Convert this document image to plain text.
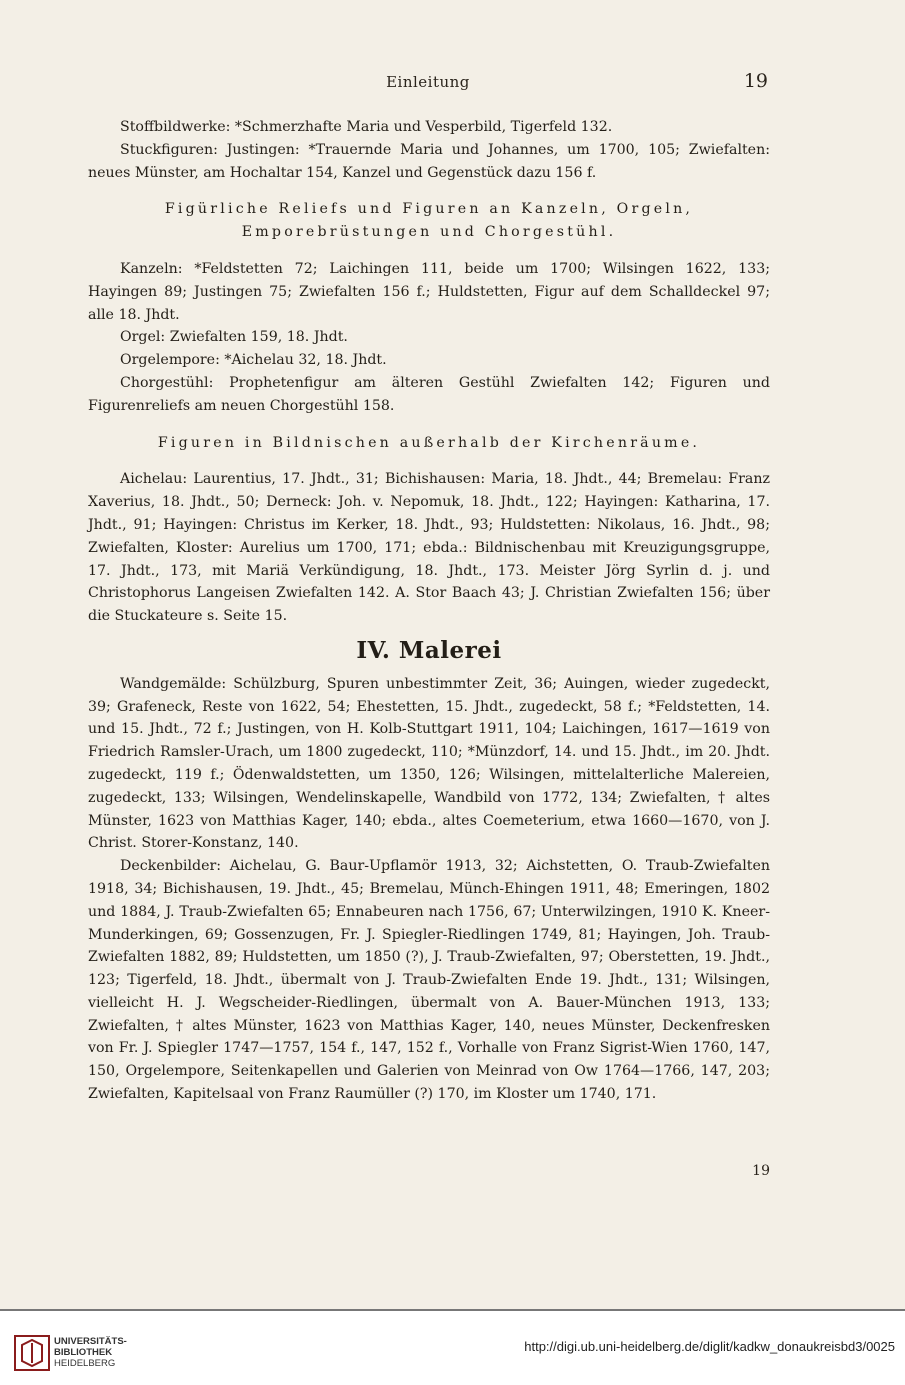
Einleitung	19

Stoffbildwerke: *Schmerzhafte Maria und Vesperbild, Tigerfeld 132.

Stuckfiguren: Justingen: *Trauernde Maria und Johannes, um 1700, 105; Zwiefalten: neues Münster, am Hochaltar 154, Kanzel und Gegenstück dazu 156 f.

Figürliche Reliefs und Figuren an Kanzeln, Orgeln,

Emporebrüstungen und Chorgestühl.

Kanzeln: *Feldstetten 72; Laichingen 111, beide um 1700; Wilsingen 1622, 133; Hayingen 89; Justingen 75; Zwiefalten 156 f.; Huldstetten, Figur auf dem Schalldeckel 97; alle 18. Jhdt.

Orgel: Zwiefalten 159, 18. Jhdt.

Orgelempore: *Aichelau 32, 18. Jhdt.

Chorgestühl: Prophetenfigur am älteren Gestühl Zwiefalten 142; Figuren und Figurenreliefs am neuen Chorgestühl 158.

Figuren in Bildnischen außerhalb der Kirchenräume.

Aichelau: Laurentius, 17. Jhdt., 31; Bichishausen: Maria, 18. Jhdt., 44; Bremelau: Franz Xaverius, 18. Jhdt., 50; Derneck: Joh. v. Nepomuk, 18. Jhdt., 122; Hayingen: Katharina, 17. Jhdt., 91; Hayingen: Christus im Kerker, 18. Jhdt., 93; Huldstetten: Nikolaus, 16. Jhdt., 98; Zwiefalten, Kloster: Aurelius um 1700, 171; ebda.: Bildnischenbau mit Kreuzigungsgruppe, 17. Jhdt., 173, mit Mariä Verkündigung, 18. Jhdt., 173. Meister Jörg Syrlin d. j. und Christophorus Langeisen Zwiefalten 142. A. Stor Baach 43; J. Christian Zwiefalten 156; über die Stuckateure s. Seite 15.

IV. Malerei

Wandgemälde: Schülzburg, Spuren unbestimmter Zeit, 36; Auingen, wieder zugedeckt, 39; Grafeneck, Reste von 1622, 54; Ehestetten, 15. Jhdt., zugedeckt, 58 f.; *Feldstetten, 14. und 15. Jhdt., 72 f.; Justingen, von H. Kolb-Stuttgart 1911, 104; Laichingen, 1617—1619 von Friedrich Ramsler-Urach, um 1800 zugedeckt, 110; *Münzdorf, 14. und 15. Jhdt., im 20. Jhdt. zugedeckt, 119 f.; Ödenwaldstetten, um 1350, 126; Wilsingen, mittelalterliche Malereien, zugedeckt, 133; Wilsingen, Wendelinskapelle, Wandbild von 1772, 134; Zwiefalten, † altes Münster, 1623 von Matthias Kager, 140; ebda., altes Coemeterium, etwa 1660—1670, von J. Christ. Storer-Konstanz, 140.

Deckenbilder: Aichelau, G. Baur-Upflamör 1913, 32; Aichstetten, O. Traub-Zwiefalten 1918, 34; Bichishausen, 19. Jhdt., 45; Bremelau, Münch-Ehingen 1911, 48; Emeringen, 1802 und 1884, J. Traub-Zwiefalten 65; Ennabeuren nach 1756, 67; Unterwilzingen, 1910 K. Kneer-Munderkingen, 69; Gossenzugen, Fr. J. Spiegler-Riedlingen 1749, 81; Hayingen, Joh. Traub-Zwiefalten 1882, 89; Huldstetten, um 1850 (?), J. Traub-Zwiefalten, 97; Oberstetten, 19. Jhdt., 123; Tigerfeld, 18. Jhdt., übermalt von J. Traub-Zwiefalten Ende 19. Jhdt., 131; Wilsingen, vielleicht H. J. Wegscheider-Riedlingen, übermalt von A. Bauer-München 1913, 133; Zwiefalten, † altes Münster, 1623 von Matthias Kager, 140, neues Münster, Deckenfresken von Fr. J. Spiegler 1747—1757, 154 f., 147, 152 f., Vorhalle von Franz Sigrist-Wien 1760, 147, 150, Orgelempore, Seitenkapellen und Galerien von Meinrad von Ow 1764—1766, 147, 203; Zwiefalten, Kapitelsaal von Franz Raumüller (?) 170, im Kloster um 1740, 171.

19
UNIVERSITÄTS-
BIBLIOTHEK
HEIDELBERG
http://digi.ub.uni-heidelberg.de/diglit/kadkw_donaukreisbd3/0025
